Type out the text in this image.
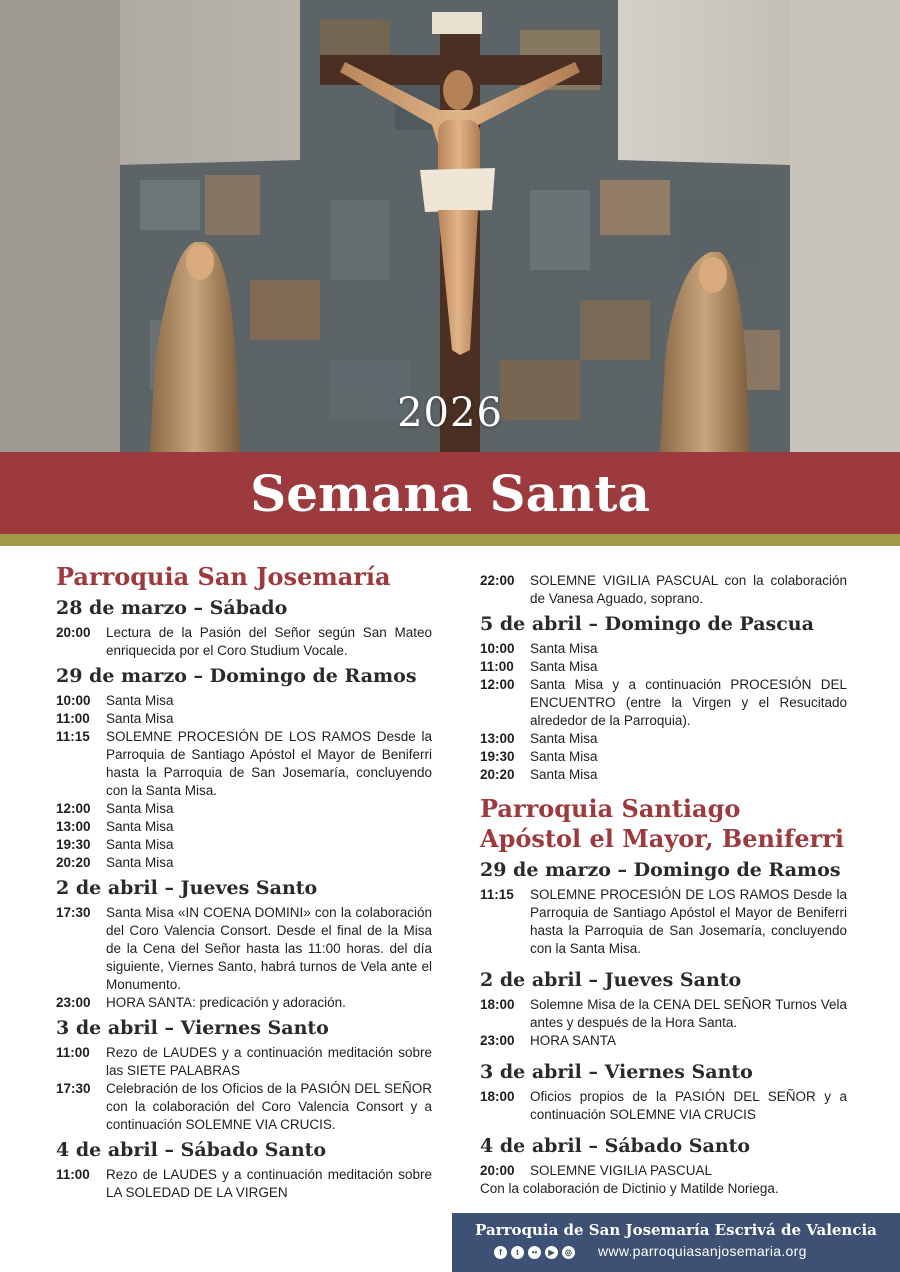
2026
Semana Santa
Parroquia San Josemaría
28 de marzo – Sábado
20:00	Lectura de la Pasión del Señor según San Mateo enriquecida por el Coro Studium Vocale.
29 de marzo – Domingo de Ramos
10:00	Santa Misa
11:00	Santa Misa
11:15	SOLEMNE PROCESIÓN DE LOS RAMOS Desde la Parroquia de Santiago Apóstol el Mayor de Beniferri hasta la Parroquia de San Josemaría, concluyendo con la Santa Misa.
12:00	Santa Misa
13:00	Santa Misa
19:30	Santa Misa
20:20	Santa Misa
2 de abril – Jueves Santo
17:30	Santa Misa «IN COENA DOMINI» con la colaboración del Coro Valencia Consort. Desde el final de la Misa de la Cena del Señor hasta las 11:00 horas. del día siguiente, Viernes Santo, habrá turnos de Vela ante el Monumento.
23:00	HORA SANTA: predicación y adoración.
3 de abril – Viernes Santo
11:00	Rezo de LAUDES y a continuación meditación sobre las SIETE PALABRAS
17:30	Celebración de los Oficios de la PASIÓN DEL SEÑOR con la colaboración del Coro Valencia Consort y a continuación SOLEMNE VIA CRUCIS.
4 de abril – Sábado Santo
11:00	Rezo de LAUDES y a continuación meditación sobre LA SOLEDAD DE LA VIRGEN
22:00	SOLEMNE VIGILIA PASCUAL con la colaboración de Vanesa Aguado, soprano.
5 de abril – Domingo de Pascua
10:00	Santa Misa
11:00	Santa Misa
12:00	Santa Misa y a continuación PROCESIÓN DEL ENCUENTRO (entre la Virgen y el Resucitado alrededor de la Parroquia).
13:00	Santa Misa
19:30	Santa Misa
20:20	Santa Misa
Parroquia Santiago Apóstol el Mayor, Beniferri
29 de marzo – Domingo de Ramos
11:15	SOLEMNE PROCESIÓN DE LOS RAMOS Desde la Parroquia de Santiago Apóstol el Mayor de Beniferri hasta la Parroquia de San Josemaría, concluyendo con la Santa Misa.
2 de abril – Jueves Santo
18:00	Solemne Misa de la CENA DEL SEÑOR Turnos Vela antes y después de la Hora Santa.
23:00	HORA SANTA
3 de abril – Viernes Santo
18:00	Oficios propios de la PASIÓN DEL SEÑOR y a continuación SOLEMNE VIA CRUCIS
4 de abril – Sábado Santo
20:00	SOLEMNE VIGILIA PASCUAL
Con la colaboración de Dictinio y Matilde Noriega.
Parroquia de San Josemaría Escrivá de Valencia
f	t	••	▶	◎ www.parroquiasanjosemaria.org
